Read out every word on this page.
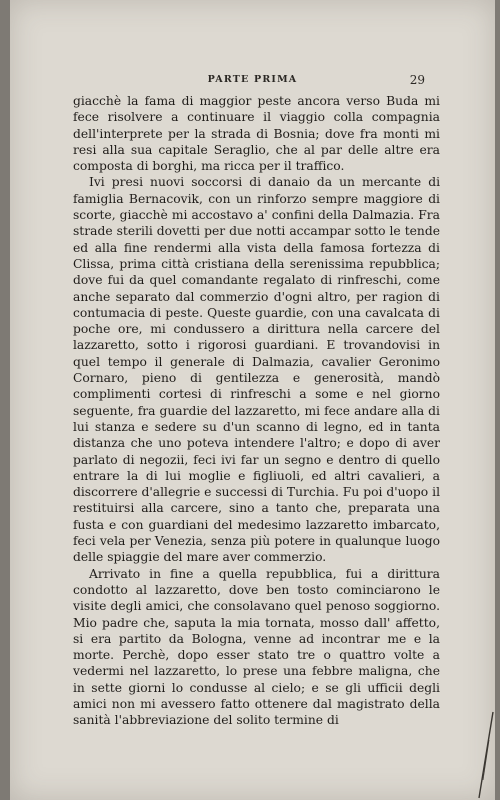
PARTE PRIMA	29

giacchè la fama di maggior peste ancora verso Buda mi fece risolvere a continuare il viaggio colla compagnia dell'interprete per la strada di Bosnia; dove fra monti mi resi alla sua capitale Seraglio, che al par delle altre era composta di borghi, ma ricca per il traffico.

Ivi presi nuovi soccorsi di danaio da un mercante di famiglia Bernacovik, con un rinforzo sempre maggiore di scorte, giacchè mi accostavo a' confini della Dalmazia. Fra strade sterili dovetti per due notti accampar sotto le tende ed alla fine rendermi alla vista della famosa fortezza di Clissa, prima città cristiana della serenissima repubblica; dove fui da quel comandante regalato di rinfreschi, come anche separato dal commerzio d'ogni altro, per ragion di contumacia di peste. Queste guardie, con una cavalcata di poche ore, mi condussero a dirittura nella carcere del lazzaretto, sotto i rigorosi guardiani. E trovandovisi in quel tempo il generale di Dalmazia, cavalier Geronimo Cornaro, pieno di gentilezza e generosità, mandò complimenti cortesi di rinfreschi a some e nel giorno seguente, fra guardie del lazzaretto, mi fece andare alla di lui stanza e sedere su d'un scanno di legno, ed in tanta distanza che uno poteva intendere l'altro; e dopo di aver parlato di negozii, feci ivi far un segno e dentro di quello entrare la di lui moglie e figliuoli, ed altri cavalieri, a discorrere d'allegrie e successi di Turchia. Fu poi d'uopo il restituirsi alla carcere, sino a tanto che, preparata una fusta e con guardiani del medesimo lazzaretto imbarcato, feci vela per Venezia, senza più potere in qualunque luogo delle spiaggie del mare aver commerzio.

Arrivato in fine a quella repubblica, fui a dirittura condotto al lazzaretto, dove ben tosto cominciarono le visite degli amici, che consolavano quel penoso soggiorno. Mio padre che, saputa la mia tornata, mosso dall' affetto, si era partito da Bologna, venne ad incontrar me e la morte. Perchè, dopo esser stato tre o quattro volte a vedermi nel lazzaretto, lo prese una febbre maligna, che in sette giorni lo condusse al cielo; e se gli ufficii degli amici non mi avessero fatto ottenere dal magistrato della sanità l'abbreviazione del solito termine di
